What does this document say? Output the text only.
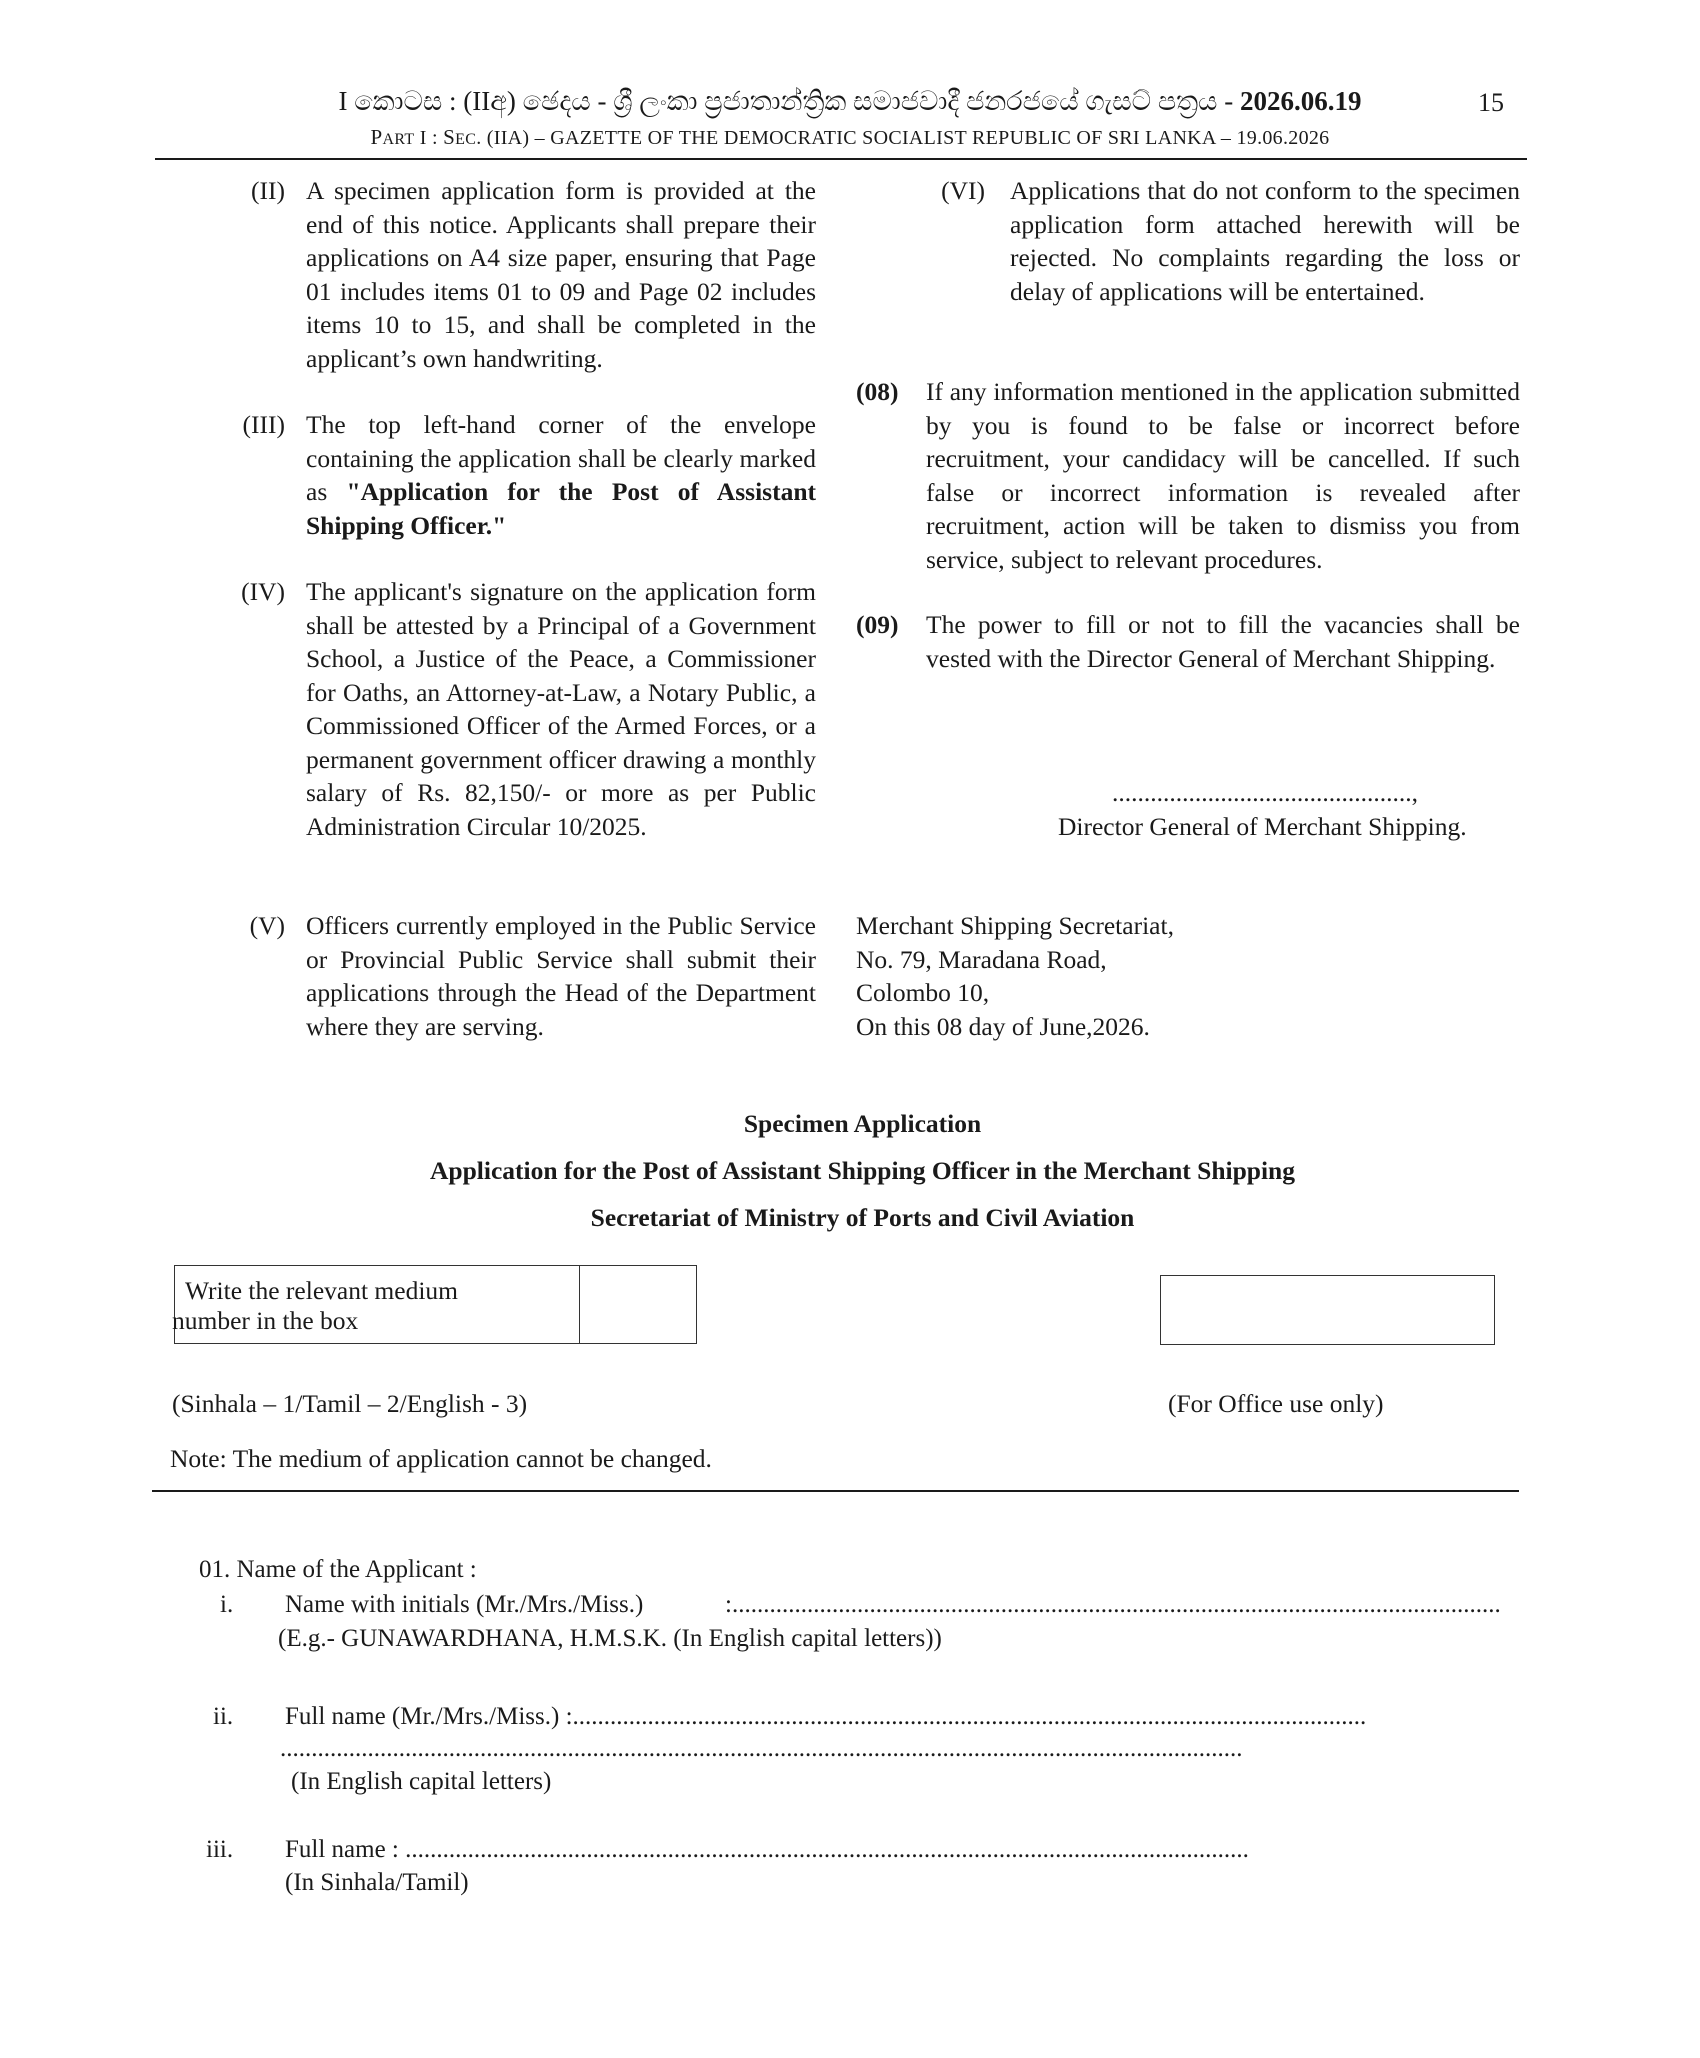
I කොටස : (IIඅ) ඡෙදය - ශ්‍රී ලංකා ප්‍රජාතාන්ත්‍රික සමාජවාදී ජනරජයේ ගැසට් පත්‍රය - 2026.06.19
PART I : SEC. (IIA) – GAZETTE OF THE DEMOCRATIC SOCIALIST REPUBLIC OF SRI LANKA – 19.06.2026
15
(II) A specimen application form is provided at the end of this notice. Applicants shall prepare their applications on A4 size paper, ensuring that Page 01 includes items 01 to 09 and Page 02 includes items 10 to 15, and shall be completed in the applicant’s own handwriting.
(III) The top left-hand corner of the envelope containing the application shall be clearly marked as "Application for the Post of Assistant Shipping Officer."
(IV) The applicant's signature on the application form shall be attested by a Principal of a Government School, a Justice of the Peace, a Commissioner for Oaths, an Attorney-at-Law, a Notary Public, a Commissioned Officer of the Armed Forces, or a permanent government officer drawing a monthly salary of Rs. 82,150/- or more as per Public Administration Circular 10/2025.
(V) Officers currently employed in the Public Service or Provincial Public Service shall submit their applications through the Head of the Department where they are serving.
(VI) Applications that do not conform to the specimen application form attached herewith will be rejected. No complaints regarding the loss or delay of applications will be entertained.
(08)	If any information mentioned in the application submitted by you is found to be false or incorrect before recruitment, your candidacy will be cancelled. If such false or incorrect information is revealed after recruitment, action will be taken to dismiss you from service, subject to relevant procedures.
(09)	The power to fill or not to fill the vacancies shall be vested with the Director General of Merchant Shipping.
...............................................,
Director General of Merchant Shipping.
Merchant Shipping Secretariat,
No. 79, Maradana Road,
Colombo 10,
On this 08 day of June,2026.
Specimen Application
Application for the Post of Assistant Shipping Officer in the Merchant Shipping
Secretariat of Ministry of Ports and Civil Aviation
Write the relevant medium
number in the box
(Sinhala – 1/Tamil – 2/English - 3)	(For Office use only)
Note: The medium of application cannot be changed.
01. Name of the Applicant :
i. Name with initials (Mr./Mrs./Miss.)	:...........................................................................................................................
(E.g.- GUNAWARDHANA, H.M.S.K. (In English capital letters))
ii. Full name (Mr./Mrs./Miss.) :...............................................................................................................................
..........................................................................................................................................................
(In English capital letters)
iii. Full name : .......................................................................................................................................
(In Sinhala/Tamil)
